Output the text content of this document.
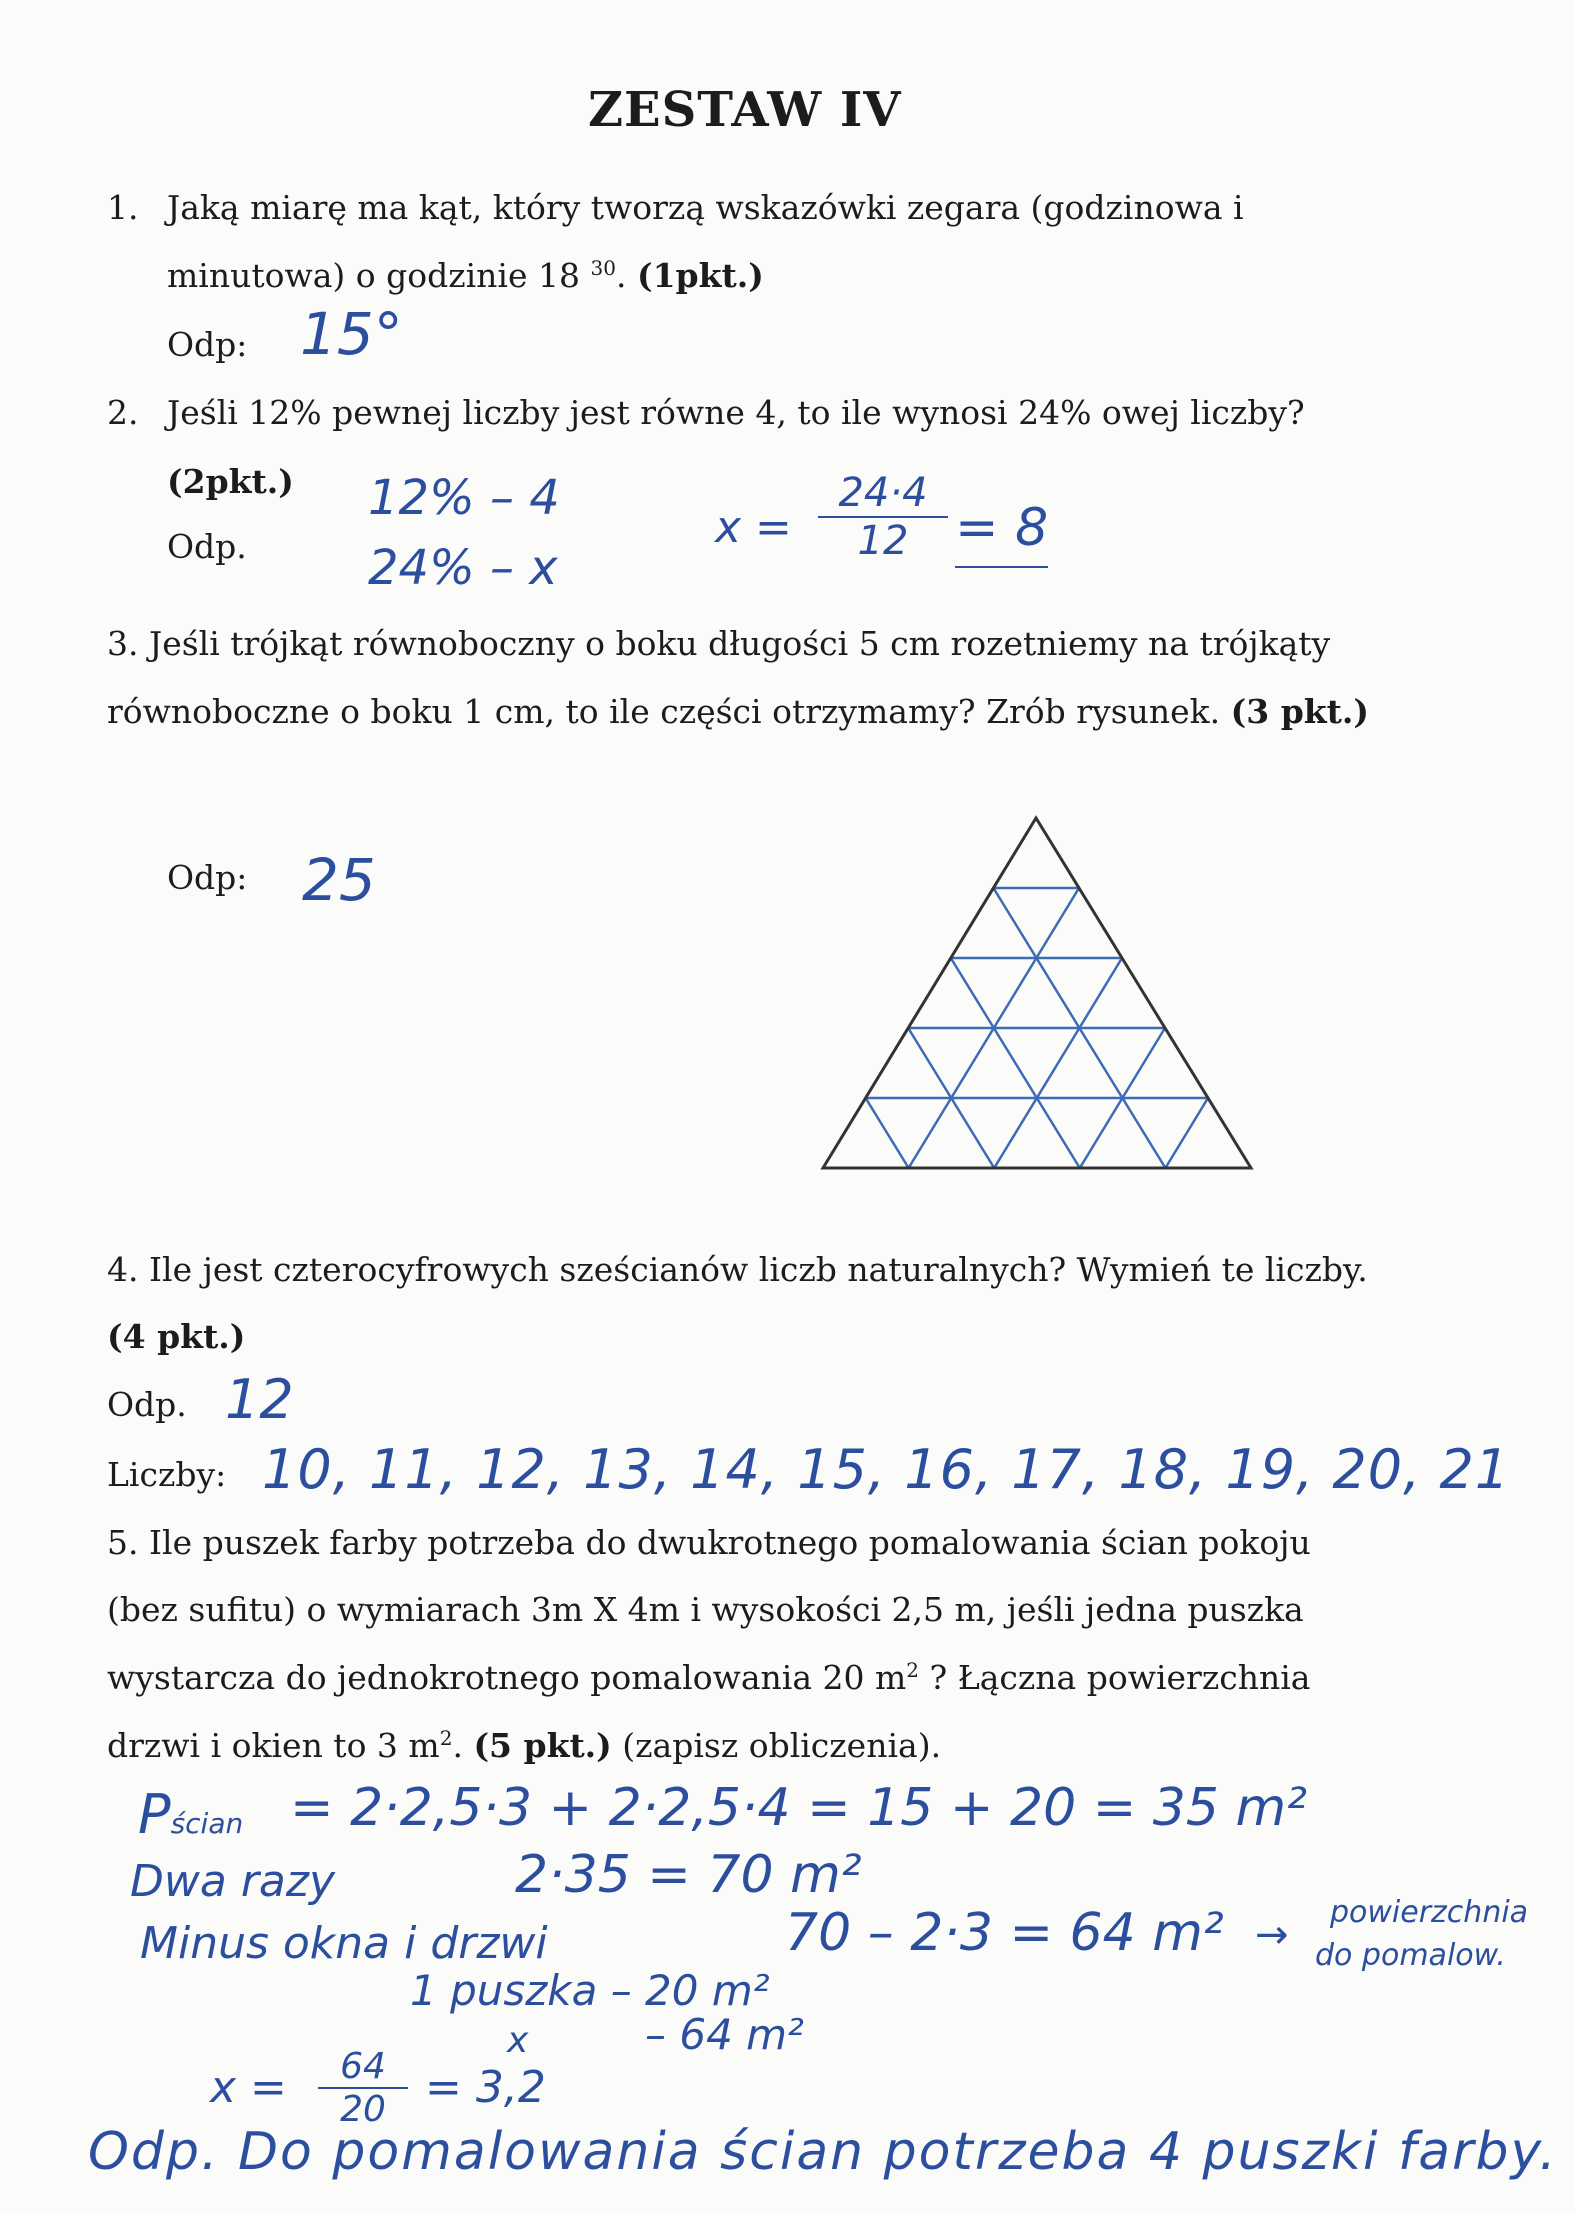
ZESTAW IV
1. Jaką miarę ma kąt, który tworzą wskazówki zegara (godzinowa i
minutowa) o godzinie 18 $^{30}$. (1pkt.)
Odp: 15°
2. Jeśli 12% pewnej liczby jest równe 4, to ile wynosi 24% owej liczby?
(2pkt.)
Odp.
12% – 4
24% – x
$x = \frac{24\cdot 4}{12} = 8$
3. Jeśli trójkąt równoboczny o boku długości 5 cm rozetniemy na trójkąty
równoboczne o boku 1 cm, to ile części otrzymamy? Zrób rysunek. (3 pkt.)
Odp: 25
4. Ile jest czterocyfrowych sześcianów liczb naturalnych? Wymień te liczby.
(4 pkt.)
Odp. 12
Liczby: 10, 11, 12, 13, 14, 15, 16, 17, 18, 19, 20, 21
5. Ile puszek farby potrzeba do dwukrotnego pomalowania ścian pokoju
(bez sufitu) o wymiarach 3m X 4m i wysokości 2,5 m, jeśli jedna puszka
wystarcza do jednokrotnego pomalowania 20 $m^2$ ? Łączna powierzchnia
drzwi i okien to 3 $m^2$. (5 pkt.) (zapisz obliczenia).
Pścian = 2·2,5·3 + 2·2,5·4 = 15 + 20 = 35 m²
Dwa razy	2·35 = 70 m²
Minus okna i drzwi	70 – 2·3 = 64 m² → powierzchnia
do pomalow.
1 puszka – 20 m²
– 64 m²
x
$x = \frac{64}{20} = 3,2$
Odp. Do pomalowania ścian potrzeba 4 puszki farby.
